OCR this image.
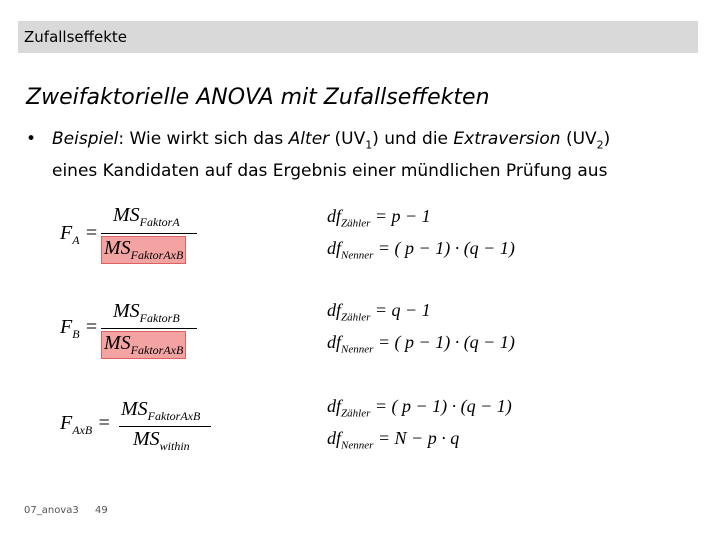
Zufallseffekte
Zweifaktorielle ANOVA mit Zufallseffekten
• Beispiel: Wie wirkt sich das Alter $(UV_1)$ und die Extraversion $(UV_2)$
eines Kandidaten auf das Ergebnis einer mündlichen Prüfung aus
$F_A$ =
$MS_{FaktorA}$
$MS_{FaktorAxB}$
$df_{Zähler} = p - 1$
$df_{Nenner}$ = ( p − 1) · (q − 1)
$F_B$ =
$MS_{FaktorB}$
$MS_{FaktorAxB}$
$df_{Zähler} = q - 1$
$df_{Nenner}$ = ( p − 1) · (q − 1)
$F_{AxB}$ =
$MS_{FaktorAxB}$
$MS_{within}$
$df_{Zähler}$ = ( p − 1) · (q − 1)
$df_{Nenner} = N - p \cdot q$
07_anova3 49
